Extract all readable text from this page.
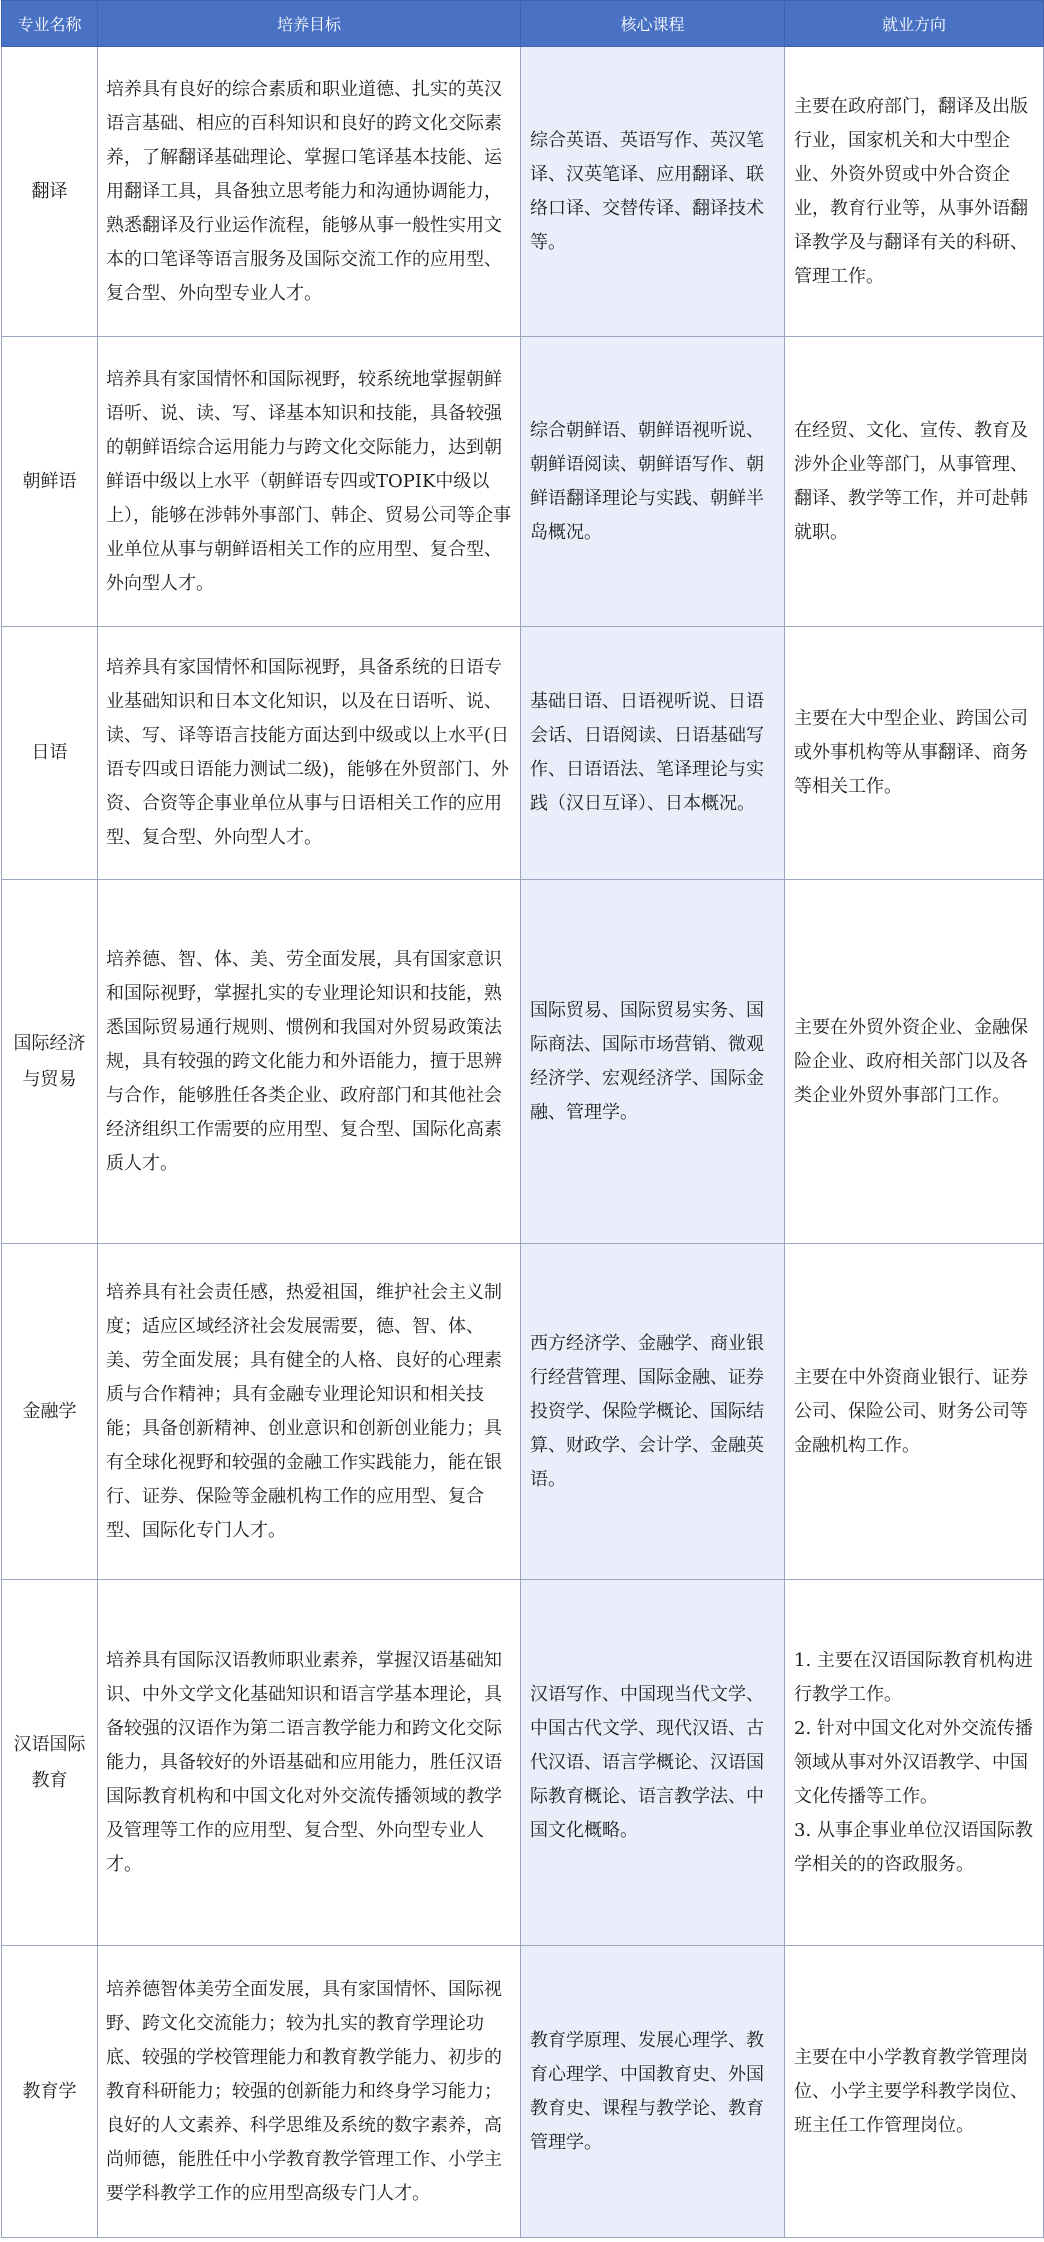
专业名称	培养目标	核心课程	就业方向
翻译	培养具有良好的综合素质和职业道德、扎实的英汉语言基础、相应的百科知识和良好的跨文化交际素养，了解翻译基础理论、掌握口笔译基本技能、运用翻译工具，具备独立思考能力和沟通协调能力，熟悉翻译及行业运作流程，能够从事一般性实用文本的口笔译等语言服务及国际交流工作的应用型、复合型、外向型专业人才。	综合英语、英语写作、英汉笔译、汉英笔译、应用翻译、联络口译、交替传译、翻译技术等。	主要在政府部门，翻译及出版行业，国家机关和大中型企业、外资外贸或中外合资企业，教育行业等，从事外语翻译教学及与翻译有关的科研、管理工作。

朝鲜语	培养具有家国情怀和国际视野，较系统地掌握朝鲜语听、说、读、写、译基本知识和技能，具备较强的朝鲜语综合运用能力与跨文化交际能力，达到朝鲜语中级以上水平（朝鲜语专四或TOPIK中级以上），能够在涉韩外事部门、韩企、贸易公司等企事业单位从事与朝鲜语相关工作的应用型、复合型、外向型人才。	综合朝鲜语、朝鲜语视听说、朝鲜语阅读、朝鲜语写作、朝鲜语翻译理论与实践、朝鲜半岛概况。	在经贸、文化、宣传、教育及涉外企业等部门，从事管理、翻译、教学等工作，并可赴韩就职。

日语	培养具有家国情怀和国际视野，具备系统的日语专业基础知识和日本文化知识，以及在日语听、说、读、写、译等语言技能方面达到中级或以上水平(日语专四或日语能力测试二级)，能够在外贸部门、外资、合资等企事业单位从事与日语相关工作的应用型、复合型、外向型人才。	基础日语、日语视听说、日语会话、日语阅读、日语基础写作、日语语法、笔译理论与实践（汉日互译）、日本概况。	主要在大中型企业、跨国公司或外事机构等从事翻译、商务等相关工作。

国际经济与贸易	培养德、智、体、美、劳全面发展，具有国家意识和国际视野，掌握扎实的专业理论知识和技能，熟悉国际贸易通行规则、惯例和我国对外贸易政策法规，具有较强的跨文化能力和外语能力，擅于思辨与合作，能够胜任各类企业、政府部门和其他社会经济组织工作需要的应用型、复合型、国际化高素质人才。	国际贸易、国际贸易实务、国际商法、国际市场营销、微观经济学、宏观经济学、国际金融、管理学。	主要在外贸外资企业、金融保险企业、政府相关部门以及各类企业外贸外事部门工作。

金融学	培养具有社会责任感，热爱祖国，维护社会主义制度；适应区域经济社会发展需要，德、智、体、美、劳全面发展；具有健全的人格、良好的心理素质与合作精神；具有金融专业理论知识和相关技能；具备创新精神、创业意识和创新创业能力；具有全球化视野和较强的金融工作实践能力，能在银行、证券、保险等金融机构工作的应用型、复合型、国际化专门人才。	西方经济学、金融学、商业银行经营管理、国际金融、证券投资学、保险学概论、国际结算、财政学、会计学、金融英语。	主要在中外资商业银行、证券公司、保险公司、财务公司等金融机构工作。

汉语国际教育	培养具有国际汉语教师职业素养，掌握汉语基础知识、中外文学文化基础知识和语言学基本理论，具备较强的汉语作为第二语言教学能力和跨文化交际能力，具备较好的外语基础和应用能力，胜任汉语国际教育机构和中国文化对外交流传播领域的教学及管理等工作的应用型、复合型、外向型专业人才。	汉语写作、中国现当代文学、中国古代文学、现代汉语、古代汉语、语言学概论、汉语国际教育概论、语言教学法、中国文化概略。	1. 主要在汉语国际教育机构进行教学工作。
2. 针对中国文化对外交流传播领域从事对外汉语教学、中国文化传播等工作。
3. 从事企事业单位汉语国际教学相关的的咨政服务。

教育学	培养德智体美劳全面发展，具有家国情怀、国际视野、跨文化交流能力；较为扎实的教育学理论功底、较强的学校管理能力和教育教学能力、初步的教育科研能力；较强的创新能力和终身学习能力；良好的人文素养、科学思维及系统的数字素养，高尚师德，能胜任中小学教育教学管理工作、小学主要学科教学工作的应用型高级专门人才。	教育学原理、发展心理学、教育心理学、中国教育史、外国教育史、课程与教学论、教育管理学。	主要在中小学教育教学管理岗位、小学主要学科教学岗位、班主任工作管理岗位。
